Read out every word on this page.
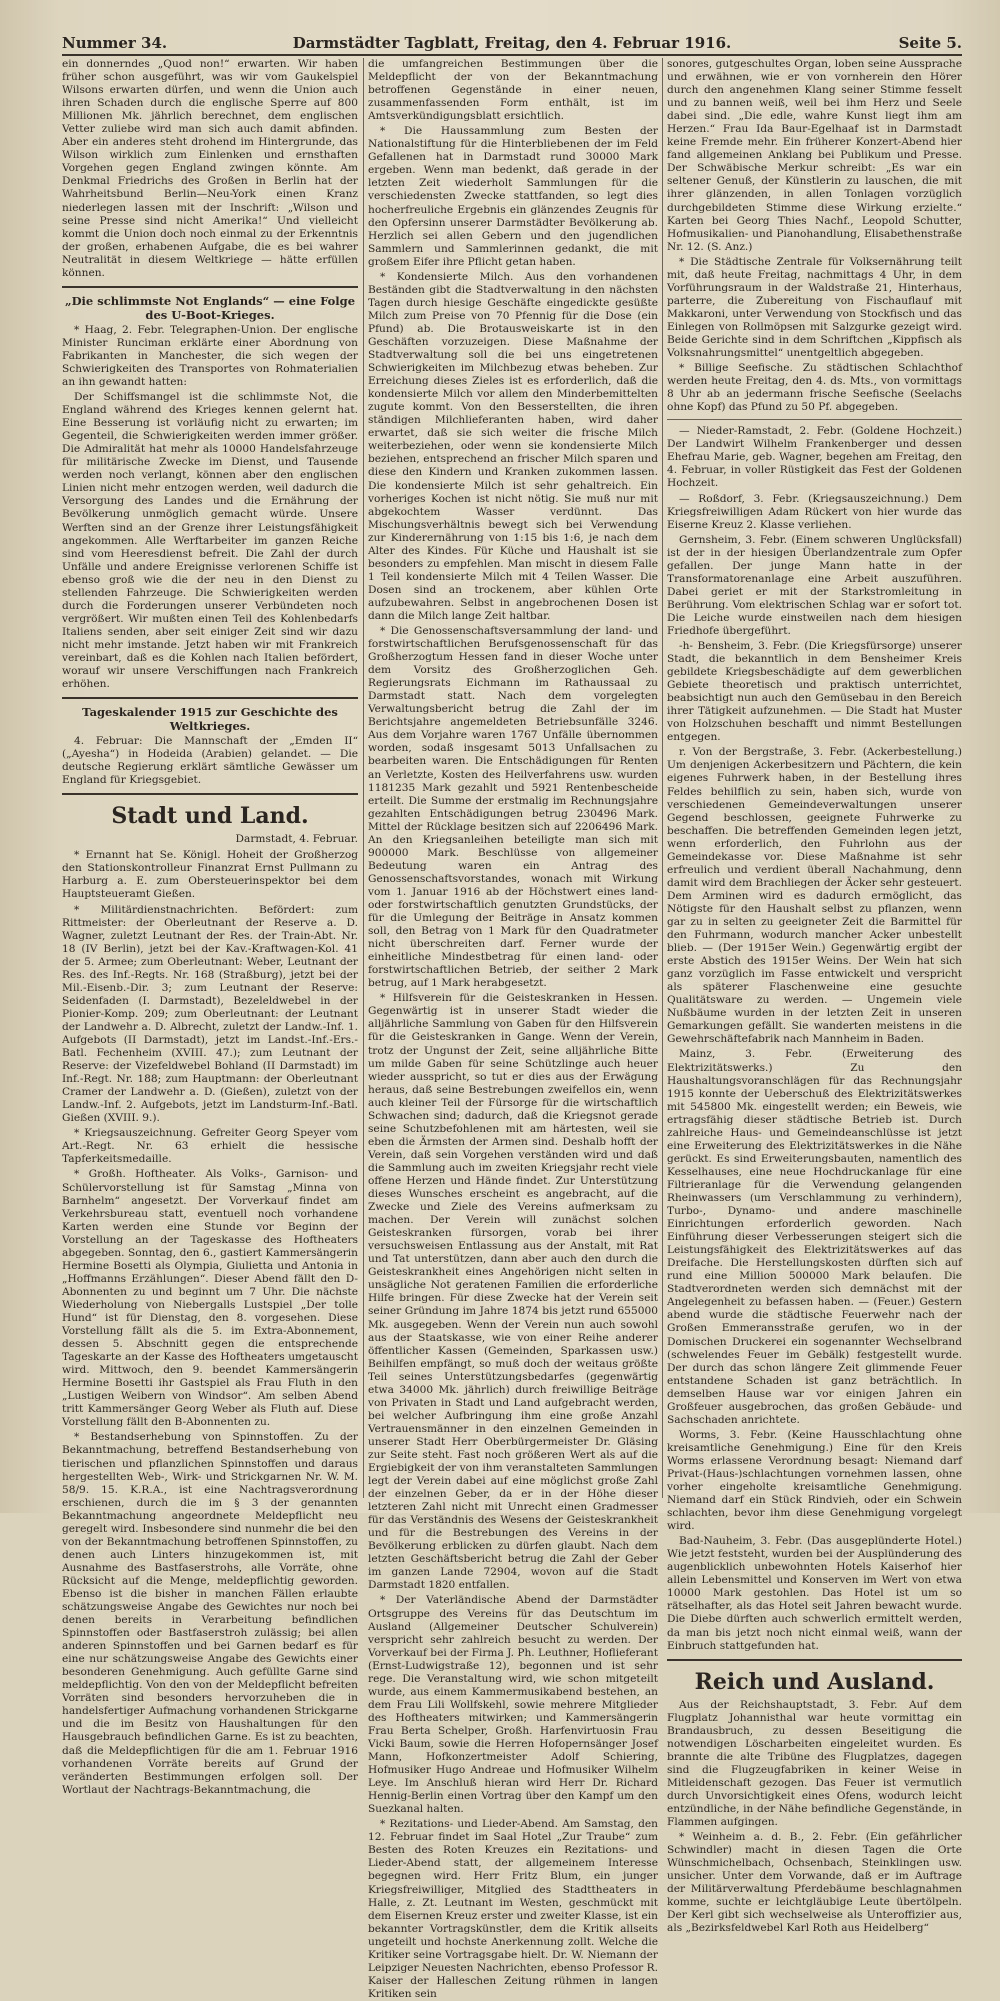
Nummer 34.	Darmstädter Tagblatt, Freitag, den 4. Februar 1916.	Seite 5.

ein donnerndes „Quod non!“ erwarten. Wir haben früher schon ausgeführt, was wir vom Gaukelspiel Wilsons erwarten dürfen, und wenn die Union auch ihren Schaden durch die englische Sperre auf 800 Millionen Mk. jährlich berechnet, dem englischen Vetter zuliebe wird man sich auch damit abfinden. Aber ein anderes steht drohend im Hintergrunde, das Wilson wirklich zum Einlenken und ernsthaften Vorgehen gegen England zwingen könnte. Am Denkmal Friedrichs des Großen in Berlin hat der Wahrheitsbund Berlin—Neu-York einen Kranz niederlegen lassen mit der Inschrift: „Wilson und seine Presse sind nicht Amerika!“ Und vielleicht kommt die Union doch noch einmal zu der Erkenntnis der großen, erhabenen Aufgabe, die es bei wahrer Neutralität in diesem Weltkriege — hätte erfüllen können.

„Die schlimmste Not Englands“ — eine Folge des U-Boot-Krieges.

* Haag, 2. Febr. Telegraphen-Union. Der englische Minister Runciman erklärte einer Abordnung von Fabrikanten in Manchester, die sich wegen der Schwierigkeiten des Transportes von Rohmaterialien an ihn gewandt hatten:

Der Schiffsmangel ist die schlimmste Not, die England während des Krieges kennen gelernt hat. Eine Besserung ist vorläufig nicht zu erwarten; im Gegenteil, die Schwierigkeiten werden immer größer. Die Admiralität hat mehr als 10000 Handelsfahrzeuge für militärische Zwecke im Dienst, und Tausende werden noch verlangt, können aber den englischen Linien nicht mehr entzogen werden, weil dadurch die Versorgung des Landes und die Ernährung der Bevölkerung unmöglich gemacht würde. Unsere Werften sind an der Grenze ihrer Leistungsfähigkeit angekommen. Alle Werftarbeiter im ganzen Reiche sind vom Heeresdienst befreit. Die Zahl der durch Unfälle und andere Ereignisse verlorenen Schiffe ist ebenso groß wie die der neu in den Dienst zu stellenden Fahrzeuge. Die Schwierigkeiten werden durch die Forderungen unserer Verbündeten noch vergrößert. Wir mußten einen Teil des Kohlenbedarfs Italiens senden, aber seit einiger Zeit sind wir dazu nicht mehr imstande. Jetzt haben wir mit Frankreich vereinbart, daß es die Kohlen nach Italien befördert, worauf wir unsere Verschiffungen nach Frankreich erhöhen.

Tageskalender 1915 zur Geschichte des Weltkrieges.

4. Februar: Die Mannschaft der „Emden II“ („Ayesha“) in Hodeida (Arabien) gelandet. — Die deutsche Regierung erklärt sämtliche Gewässer um England für Kriegsgebiet.

Stadt und Land.
Darmstadt, 4. Februar.

* Ernannt hat Se. Königl. Hoheit der Großherzog den Stationskontrolleur Finanzrat Ernst Pullmann zu Harburg a. E. zum Obersteuerinspektor bei dem Hauptsteueramt Gießen.

* Militärdienstnachrichten. Befördert: zum Rittmeister: der Oberleutnant der Reserve a. D. Wagner, zuletzt Leutnant der Res. der Train-Abt. Nr. 18 (IV Berlin), jetzt bei der Kav.-Kraftwagen-Kol. 41 der 5. Armee; zum Oberleutnant: Weber, Leutnant der Res. des Inf.-Regts. Nr. 168 (Straßburg), jetzt bei der Mil.-Eisenb.-Dir. 3; zum Leutnant der Reserve: Seidenfaden (I. Darmstadt), Bezeleldwebel in der Pionier-Komp. 209; zum Oberleutnant: der Leutnant der Landwehr a. D. Albrecht, zuletzt der Landw.-Inf. 1. Aufgebots (II Darmstadt), jetzt im Landst.-Inf.-Ers.-Batl. Fechenheim (XVIII. 47.); zum Leutnant der Reserve: der Vizefeldwebel Bohland (II Darmstadt) im Inf.-Regt. Nr. 188; zum Hauptmann: der Oberleutnant Cramer der Landwehr a. D. (Gießen), zuletzt von der Landw.-Inf. 2. Aufgebots, jetzt im Landsturm-Inf.-Batl. Gießen (XVIII. 9.).

* Kriegsauszeichnung. Gefreiter Georg Speyer vom Art.-Regt. Nr. 63 erhielt die hessische Tapferkeitsmedaille.

* Großh. Hoftheater. Als Volks-, Garnison- und Schülervorstellung ist für Samstag „Minna von Barnhelm“ angesetzt. Der Vorverkauf findet am Verkehrsbureau statt, eventuell noch vorhandene Karten werden eine Stunde vor Beginn der Vorstellung an der Tageskasse des Hoftheaters abgegeben. Sonntag, den 6., gastiert Kammersängerin Hermine Bosetti als Olympia, Giulietta und Antonia in „Hoffmanns Erzählungen“. Dieser Abend fällt den D-Abonnenten zu und beginnt um 7 Uhr. Die nächste Wiederholung von Niebergalls Lustspiel „Der tolle Hund“ ist für Dienstag, den 8. vorgesehen. Diese Vorstellung fällt als die 5. im Extra-Abonnement, dessen 5. Abschnitt gegen die entsprechende Tageskarte an der Kasse des Hoftheaters umgetauscht wird. Mittwoch, den 9. beendet Kammersängerin Hermine Bosetti ihr Gastspiel als Frau Fluth in den „Lustigen Weibern von Windsor“. Am selben Abend tritt Kammersänger Georg Weber als Fluth auf. Diese Vorstellung fällt den B-Abonnenten zu.

* Bestandserhebung von Spinnstoffen. Zu der Bekanntmachung, betreffend Bestandserhebung von tierischen und pflanzlichen Spinnstoffen und daraus hergestellten Web-, Wirk- und Strickgarnen Nr. W. M. 58/9. 15. K.R.A., ist eine Nachtragsverordnung erschienen, durch die im § 3 der genannten Bekanntmachung angeordnete Meldepflicht neu geregelt wird. Insbesondere sind nunmehr die bei den von der Bekanntmachung betroffenen Spinnstoffen, zu denen auch Linters hinzugekommen ist, mit Ausnahme des Bastfaserstrohs, alle Vorräte, ohne Rücksicht auf die Menge, meldepflichtig geworden. Ebenso ist die bisher in manchen Fällen erlaubte schätzungsweise Angabe des Gewichtes nur noch bei denen bereits in Verarbeitung befindlichen Spinnstoffen oder Bastfaserstroh zulässig; bei allen anderen Spinnstoffen und bei Garnen bedarf es für eine nur schätzungsweise Angabe des Gewichts einer besonderen Genehmigung. Auch gefüllte Garne sind meldepflichtig. Von den von der Meldepflicht befreiten Vorräten sind besonders hervorzuheben die in handelsfertiger Aufmachung vorhandenen Strickgarne und die im Besitz von Haushaltungen für den Hausgebrauch befindlichen Garne. Es ist zu beachten, daß die Meldepflichtigen für die am 1. Februar 1916 vorhandenen Vorräte bereits auf Grund der veränderten Bestimmungen erfolgen soll. Der Wortlaut der Nachtrags-Bekanntmachung, die

die umfangreichen Bestimmungen über die Meldepflicht der von der Bekanntmachung betroffenen Gegenstände in einer neuen, zusammenfassenden Form enthält, ist im Amtsverkündigungsblatt ersichtlich.

* Die Haussammlung zum Besten der Nationalstiftung für die Hinterbliebenen der im Feld Gefallenen hat in Darmstadt rund 30000 Mark ergeben. Wenn man bedenkt, daß gerade in der letzten Zeit wiederholt Sammlungen für die verschiedensten Zwecke stattfanden, so legt dies hocherfreuliche Ergebnis ein glänzendes Zeugnis für den Opfersinn unserer Darmstädter Bevölkerung ab. Herzlich sei allen Gebern und den jugendlichen Sammlern und Sammlerinnen gedankt, die mit großem Eifer ihre Pflicht getan haben.

* Kondensierte Milch. Aus den vorhandenen Beständen gibt die Stadtverwaltung in den nächsten Tagen durch hiesige Geschäfte eingedickte gesüßte Milch zum Preise von 70 Pfennig für die Dose (ein Pfund) ab. Die Brotausweiskarte ist in den Geschäften vorzuzeigen. Diese Maßnahme der Stadtverwaltung soll die bei uns eingetretenen Schwierigkeiten im Milchbezug etwas beheben. Zur Erreichung dieses Zieles ist es erforderlich, daß die kondensierte Milch vor allem den Minderbemittelten zugute kommt. Von den Besserstellten, die ihren ständigen Milchlieferanten haben, wird daher erwartet, daß sie sich weiter die frische Milch weiterbeziehen, oder wenn sie kondensierte Milch beziehen, entsprechend an frischer Milch sparen und diese den Kindern und Kranken zukommen lassen. Die kondensierte Milch ist sehr gehaltreich. Ein vorheriges Kochen ist nicht nötig. Sie muß nur mit abgekochtem Wasser verdünnt. Das Mischungsverhältnis bewegt sich bei Verwendung zur Kinderernährung von 1:15 bis 1:6, je nach dem Alter des Kindes. Für Küche und Haushalt ist sie besonders zu empfehlen. Man mischt in diesem Falle 1 Teil kondensierte Milch mit 4 Teilen Wasser. Die Dosen sind an trockenem, aber kühlen Orte aufzubewahren. Selbst in angebrochenen Dosen ist dann die Milch lange Zeit haltbar.

* Die Genossenschaftsversammlung der land- und forstwirtschaftlichen Berufsgenossenschaft für das Großherzogtum Hessen fand in dieser Woche unter dem Vorsitz des Großherzoglichen Geh. Regierungsrats Eichmann im Rathaussaal zu Darmstadt statt. Nach dem vorgelegten Verwaltungsbericht betrug die Zahl der im Berichtsjahre angemeldeten Betriebsunfälle 3246. Aus dem Vorjahre waren 1767 Unfälle übernommen worden, sodaß insgesamt 5013 Unfallsachen zu bearbeiten waren. Die Entschädigungen für Renten an Verletzte, Kosten des Heilverfahrens usw. wurden 1181235 Mark gezahlt und 5921 Rentenbescheide erteilt. Die Summe der erstmalig im Rechnungsjahre gezahlten Entschädigungen betrug 230496 Mark. Mittel der Rücklage besitzen sich auf 2206496 Mark. An den Kriegsanleihen beteiligte man sich mit 900000 Mark. Beschlüsse von allgemeiner Bedeutung waren ein Antrag des Genossenschaftsvorstandes, wonach mit Wirkung vom 1. Januar 1916 ab der Höchstwert eines land- oder forstwirtschaftlich genutzten Grundstücks, der für die Umlegung der Beiträge in Ansatz kommen soll, den Betrag von 1 Mark für den Quadratmeter nicht überschreiten darf. Ferner wurde der einheitliche Mindestbetrag für einen land- oder forstwirtschaftlichen Betrieb, der seither 2 Mark betrug, auf 1 Mark herabgesetzt.

* Hilfsverein für die Geisteskranken in Hessen. Gegenwärtig ist in unserer Stadt wieder die alljährliche Sammlung von Gaben für den Hilfsverein für die Geisteskranken in Gange. Wenn der Verein, trotz der Ungunst der Zeit, seine alljährliche Bitte um milde Gaben für seine Schützlinge auch heuer wieder ausspricht, so tut er dies aus der Erwägung heraus, daß seine Bestrebungen zweifellos ein, wenn auch kleiner Teil der Fürsorge für die wirtschaftlich Schwachen sind; dadurch, daß die Kriegsnot gerade seine Schutzbefohlenen mit am härtesten, weil sie eben die Ärmsten der Armen sind. Deshalb hofft der Verein, daß sein Vorgehen verständen wird und daß die Sammlung auch im zweiten Kriegsjahr recht viele offene Herzen und Hände findet. Zur Unterstützung dieses Wunsches erscheint es angebracht, auf die Zwecke und Ziele des Vereins aufmerksam zu machen. Der Verein will zunächst solchen Geisteskranken fürsorgen, vorab bei ihrer versuchsweisen Entlassung aus der Anstalt, mit Rat und Tat unterstützen, dann aber auch den durch die Geisteskrankheit eines Angehörigen nicht selten in unsägliche Not geratenen Familien die erforderliche Hilfe bringen. Für diese Zwecke hat der Verein seit seiner Gründung im Jahre 1874 bis jetzt rund 655000 Mk. ausgegeben. Wenn der Verein nun auch sowohl aus der Staatskasse, wie von einer Reihe anderer öffentlicher Kassen (Gemeinden, Sparkassen usw.) Beihilfen empfängt, so muß doch der weitaus größte Teil seines Unterstützungsbedarfes (gegenwärtig etwa 34000 Mk. jährlich) durch freiwillige Beiträge von Privaten in Stadt und Land aufgebracht werden, bei welcher Aufbringung ihm eine große Anzahl Vertrauensmänner in den einzelnen Gemeinden in unserer Stadt Herr Oberbürgermeister Dr. Gläsing zur Seite steht. Fast noch größeren Wert als auf die Ergiebigkeit der von ihm veranstalteten Sammlungen legt der Verein dabei auf eine möglichst große Zahl der einzelnen Geber, da er in der Höhe dieser letzteren Zahl nicht mit Unrecht einen Gradmesser für das Verständnis des Wesens der Geisteskrankheit und für die Bestrebungen des Vereins in der Bevölkerung erblicken zu dürfen glaubt. Nach dem letzten Geschäftsbericht betrug die Zahl der Geber im ganzen Lande 72904, wovon auf die Stadt Darmstadt 1820 entfallen.

* Der Vaterländische Abend der Darmstädter Ortsgruppe des Vereins für das Deutschtum im Ausland (Allgemeiner Deutscher Schulverein) verspricht sehr zahlreich besucht zu werden. Der Vorverkauf bei der Firma J. Ph. Leuthner, Hoflieferant (Ernst-Ludwigstraße 12), begonnen und ist sehr rege. Die Veranstaltung wird, wie schon mitgeteilt wurde, aus einem Kammermusikabend bestehen, an dem Frau Lili Wollfskehl, sowie mehrere Mitglieder des Hoftheaters mitwirken; und Kammersängerin Frau Berta Schelper, Großh. Harfenvirtuosin Frau Vicki Baum, sowie die Herren Hofopernsänger Josef Mann, Hofkonzertmeister Adolf Schiering, Hofmusiker Hugo Andreae und Hofmusiker Wilhelm Leye. Im Anschluß hieran wird Herr Dr. Richard Hennig-Berlin einen Vortrag über den Kampf um den Suezkanal halten.

* Rezitations- und Lieder-Abend. Am Samstag, den 12. Februar findet im Saal Hotel „Zur Traube“ zum Besten des Roten Kreuzes ein Rezitations- und Lieder-Abend statt, der allgemeinem Interesse begegnen wird. Herr Fritz Blum, ein junger Kriegsfreiwilliger, Mitglied des Stadttheaters in Halle, z. Zt. Leutnant im Westen, geschmückt mit dem Eisernen Kreuz erster und zweiter Klasse, ist ein bekannter Vortragskünstler, dem die Kritik allseits ungeteilt und hochste Anerkennung zollt. Welche die Kritiker seine Vortragsgabe hielt. Dr. W. Niemann der Leipziger Neuesten Nachrichten, ebenso Professor R. Kaiser der Halleschen Zeitung rühmen in langen Kritiken sein

sonores, gutgeschultes Organ, loben seine Aussprache und erwähnen, wie er von vornherein den Hörer durch den angenehmen Klang seiner Stimme fesselt und zu bannen weiß, weil bei ihm Herz und Seele dabei sind. „Die edle, wahre Kunst liegt ihm am Herzen.“ Frau Ida Baur-Egelhaaf ist in Darmstadt keine Fremde mehr. Ein früherer Konzert-Abend hier fand allgemeinen Anklang bei Publikum und Presse. Der Schwäbische Merkur schreibt: „Es war ein seltener Genuß, der Künstlerin zu lauschen, die mit ihrer glänzenden, in allen Tonlagen vorzüglich durchgebildeten Stimme diese Wirkung erzielte.“ Karten bei Georg Thies Nachf., Leopold Schutter, Hofmusikalien- und Pianohandlung, Elisabethenstraße Nr. 12. (S. Anz.)

* Die Städtische Zentrale für Volksernährung teilt mit, daß heute Freitag, nachmittags 4 Uhr, in dem Vorführungsraum in der Waldstraße 21, Hinterhaus, parterre, die Zubereitung von Fischauflauf mit Makkaroni, unter Verwendung von Stockfisch und das Einlegen von Rollmöpsen mit Salzgurke gezeigt wird. Beide Gerichte sind in dem Schriftchen „Kippfisch als Volksnahrungsmittel“ unentgeltlich abgegeben.

* Billige Seefische. Zu städtischen Schlachthof werden heute Freitag, den 4. ds. Mts., von vormittags 8 Uhr ab an jedermann frische Seefische (Seelachs ohne Kopf) das Pfund zu 50 Pf. abgegeben.

— Nieder-Ramstadt, 2. Febr. (Goldene Hochzeit.) Der Landwirt Wilhelm Frankenberger und dessen Ehefrau Marie, geb. Wagner, begehen am Freitag, den 4. Februar, in voller Rüstigkeit das Fest der Goldenen Hochzeit.

— Roßdorf, 3. Febr. (Kriegsauszeichnung.) Dem Kriegsfreiwilligen Adam Rückert von hier wurde das Eiserne Kreuz 2. Klasse verliehen.

Gernsheim, 3. Febr. (Einem schweren Unglücksfall) ist der in der hiesigen Überlandzentrale zum Opfer gefallen. Der junge Mann hatte in der Transformatorenanlage eine Arbeit auszuführen. Dabei geriet er mit der Starkstromleitung in Berührung. Vom elektrischen Schlag war er sofort tot. Die Leiche wurde einstweilen nach dem hiesigen Friedhofe übergeführt.

-h- Bensheim, 3. Febr. (Die Kriegsfürsorge) unserer Stadt, die bekanntlich in dem Bensheimer Kreis gebildete Kriegsbeschädigte auf dem gewerblichen Gebiete theoretisch und praktisch unterrichtet, beabsichtigt nun auch den Gemüsebau in den Bereich ihrer Tätigkeit aufzunehmen. — Die Stadt hat Muster von Holzschuhen beschafft und nimmt Bestellungen entgegen.

r. Von der Bergstraße, 3. Febr. (Ackerbestellung.) Um denjenigen Ackerbesitzern und Pächtern, die kein eigenes Fuhrwerk haben, in der Bestellung ihres Feldes behilflich zu sein, haben sich, wurde von verschiedenen Gemeindeverwaltungen unserer Gegend beschlossen, geeignete Fuhrwerke zu beschaffen. Die betreffenden Gemeinden legen jetzt, wenn erforderlich, den Fuhrlohn aus der Gemeindekasse vor. Diese Maßnahme ist sehr erfreulich und verdient überall Nachahmung, denn damit wird dem Brachliegen der Äcker sehr gesteuert. Dem Arminen wird es dadurch ermöglicht, das Nötigste für den Haushalt selbst zu pflanzen, wenn gar zu in selten zu geeigneter Zeit die Barmittel für den Fuhrmann, wodurch mancher Acker unbestellt blieb. — (Der 1915er Wein.) Gegenwärtig ergibt der erste Abstich des 1915er Weins. Der Wein hat sich ganz vorzüglich im Fasse entwickelt und verspricht als späterer Flaschenweine eine gesuchte Qualitätsware zu werden. — Ungemein viele Nußbäume wurden in der letzten Zeit in unseren Gemarkungen gefällt. Sie wanderten meistens in die Gewehrschäftefabrik nach Mannheim in Baden.

Mainz, 3. Febr. (Erweiterung des Elektrizitätswerks.) Zu den Haushaltungsvoranschlägen für das Rechnungsjahr 1915 konnte der Ueberschuß des Elektrizitätswerkes mit 545800 Mk. eingestellt werden; ein Beweis, wie ertragsfähig dieser städtische Betrieb ist. Durch zahlreiche Haus- und Gemeindeanschlüsse ist jetzt eine Erweiterung des Elektrizitätswerkes in die Nähe gerückt. Es sind Erweiterungsbauten, namentlich des Kesselhauses, eine neue Hochdruckanlage für eine Filtrieranlage für die Verwendung gelangenden Rheinwassers (um Verschlammung zu verhindern), Turbo-, Dynamo- und andere maschinelle Einrichtungen erforderlich geworden. Nach Einführung dieser Verbesserungen steigert sich die Leistungsfähigkeit des Elektrizitätswerkes auf das Dreifache. Die Herstellungskosten dürften sich auf rund eine Million 500000 Mark belaufen. Die Stadtverordneten werden sich demnächst mit der Angelegenheit zu befassen haben. — (Feuer.) Gestern abend wurde die städtische Feuerwehr nach der Großen Emmeransstraße gerufen, wo in der Domischen Druckerei ein sogenannter Wechselbrand (schwelendes Feuer im Gebälk) festgestellt wurde. Der durch das schon längere Zeit glimmende Feuer entstandene Schaden ist ganz beträchtlich. In demselben Hause war vor einigen Jahren ein Großfeuer ausgebrochen, das großen Gebäude- und Sachschaden anrichtete.

Worms, 3. Febr. (Keine Hausschlachtung ohne kreisamtliche Genehmigung.) Eine für den Kreis Worms erlassene Verordnung besagt: Niemand darf Privat-(Haus-)schlachtungen vornehmen lassen, ohne vorher eingeholte kreisamtliche Genehmigung. Niemand darf ein Stück Rindvieh, oder ein Schwein schlachten, bevor ihm diese Genehmigung vorgelegt wird.

Bad-Nauheim, 3. Febr. (Das ausgeplünderte Hotel.) Wie jetzt feststeht, wurden bei der Ausplünderung des augenblicklich unbewohnten Hotels Kaiserhof hier allein Lebensmittel und Konserven im Wert von etwa 10000 Mark gestohlen. Das Hotel ist um so rätselhafter, als das Hotel seit Jahren bewacht wurde. Die Diebe dürften auch schwerlich ermittelt werden, da man bis jetzt noch nicht einmal weiß, wann der Einbruch stattgefunden hat.

Reich und Ausland.

Aus der Reichshauptstadt, 3. Febr. Auf dem Flugplatz Johannisthal war heute vormittag ein Brandausbruch, zu dessen Beseitigung die notwendigen Löscharbeiten eingeleitet wurden. Es brannte die alte Tribüne des Flugplatzes, dagegen sind die Flugzeugfabriken in keiner Weise in Mitleidenschaft gezogen. Das Feuer ist vermutlich durch Unvorsichtigkeit eines Ofens, wodurch leicht entzündliche, in der Nähe befindliche Gegenstände, in Flammen aufgingen.

* Weinheim a. d. B., 2. Febr. (Ein gefährlicher Schwindler) macht in diesen Tagen die Orte Wünschmichelbach, Ochsenbach, Steinklingen usw. unsicher. Unter dem Vorwande, daß er im Auftrage der Militärverwaltung Pferdebäume beschlagnahmen komme, suchte er leichtgläubige Leute übertölpeln. Der Kerl gibt sich wechselweise als Unteroffizier aus, als „Bezirksfeldwebel Karl Roth aus Heidelberg“
